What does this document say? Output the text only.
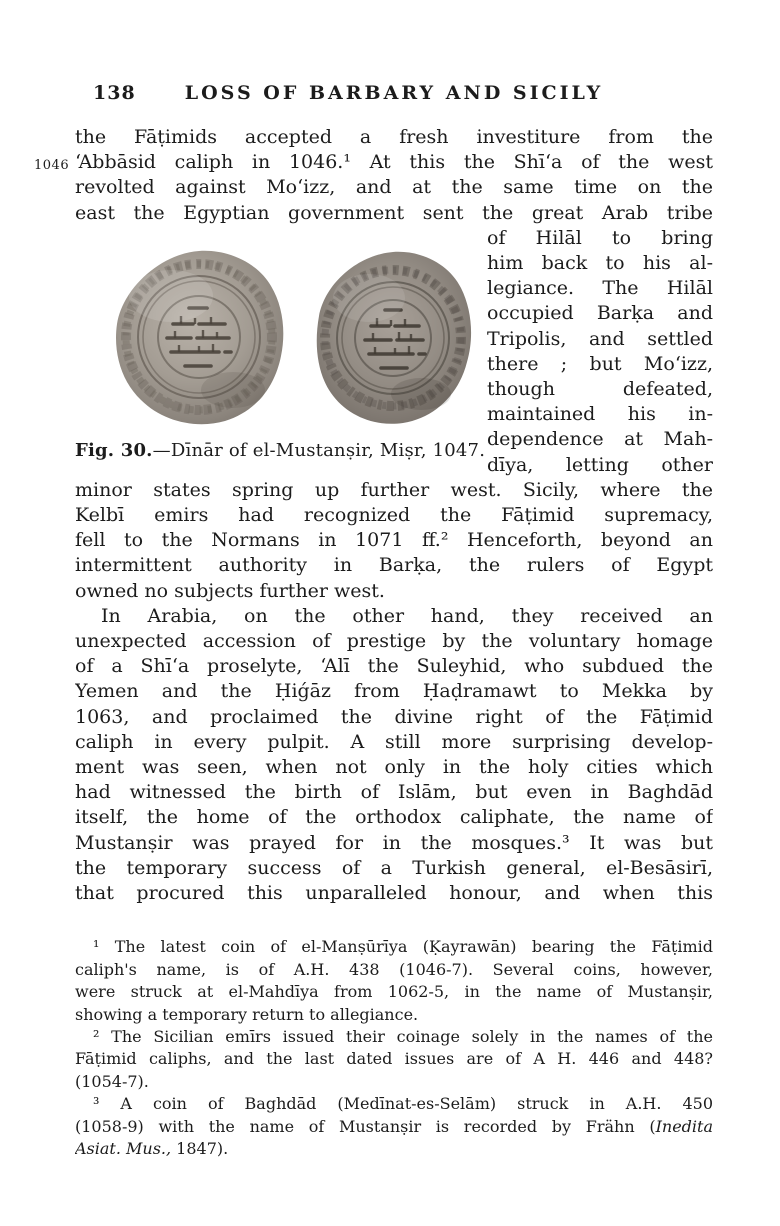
1046
138	LOSS OF BARBARY AND SICILY
the Fāṭimids accepted a fresh investiture from the
‘Abbāsid caliph in 1046.¹ At this the Shī‘a of the west
revolted against Mo‘izz, and at the same time on the
east the Egyptian government sent the great Arab tribe
Fig. 30.—Dīnār of el-Mustanṣir, Miṣr, 1047.
of Hilāl to bring
him back to his al-
legiance. The Hilāl
occupied Barḳa and
Tripolis, and settled
there ; but Mo‘izz,
though defeated,
maintained his in-
dependence at Mah-
dīya, letting other
minor states spring up further west. Sicily, where the
Kelbī emirs had recognized the Fāṭimid supremacy,
fell to the Normans in 1071 ff.² Henceforth, beyond an
intermittent authority in Barḳa, the rulers of Egypt
owned no subjects further west.
In Arabia, on the other hand, they received an
unexpected accession of prestige by the voluntary homage
of a Shī‘a proselyte, ‘Alī the Suleyhid, who subdued the
Yemen and the Ḥiǵāz from Ḥaḍramawt to Mekka by
1063, and proclaimed the divine right of the Fāṭimid
caliph in every pulpit. A still more surprising develop-
ment was seen, when not only in the holy cities which
had witnessed the birth of Islām, but even in Baghdād
itself, the home of the orthodox caliphate, the name of
Mustanṣir was prayed for in the mosques.³ It was but
the temporary success of a Turkish general, el-Besāsirī,
that procured this unparalleled honour, and when this
¹ The latest coin of el-Manṣūrīya (Ḳayrawān) bearing the Fāṭimid
caliph's name, is of A.H. 438 (1046-7). Several coins, however,
were struck at el-Mahdīya from 1062-5, in the name of Mustanṣir,
showing a temporary return to allegiance.
² The Sicilian emīrs issued their coinage solely in the names of the
Fāṭimid caliphs, and the last dated issues are of A H. 446 and 448?
(1054-7).
³ A coin of Baghdād (Medīnat-es-Selām) struck in A.H. 450
(1058-9) with the name of Mustanṣir is recorded by Frähn (Inedita
Asiat. Mus., 1847).
